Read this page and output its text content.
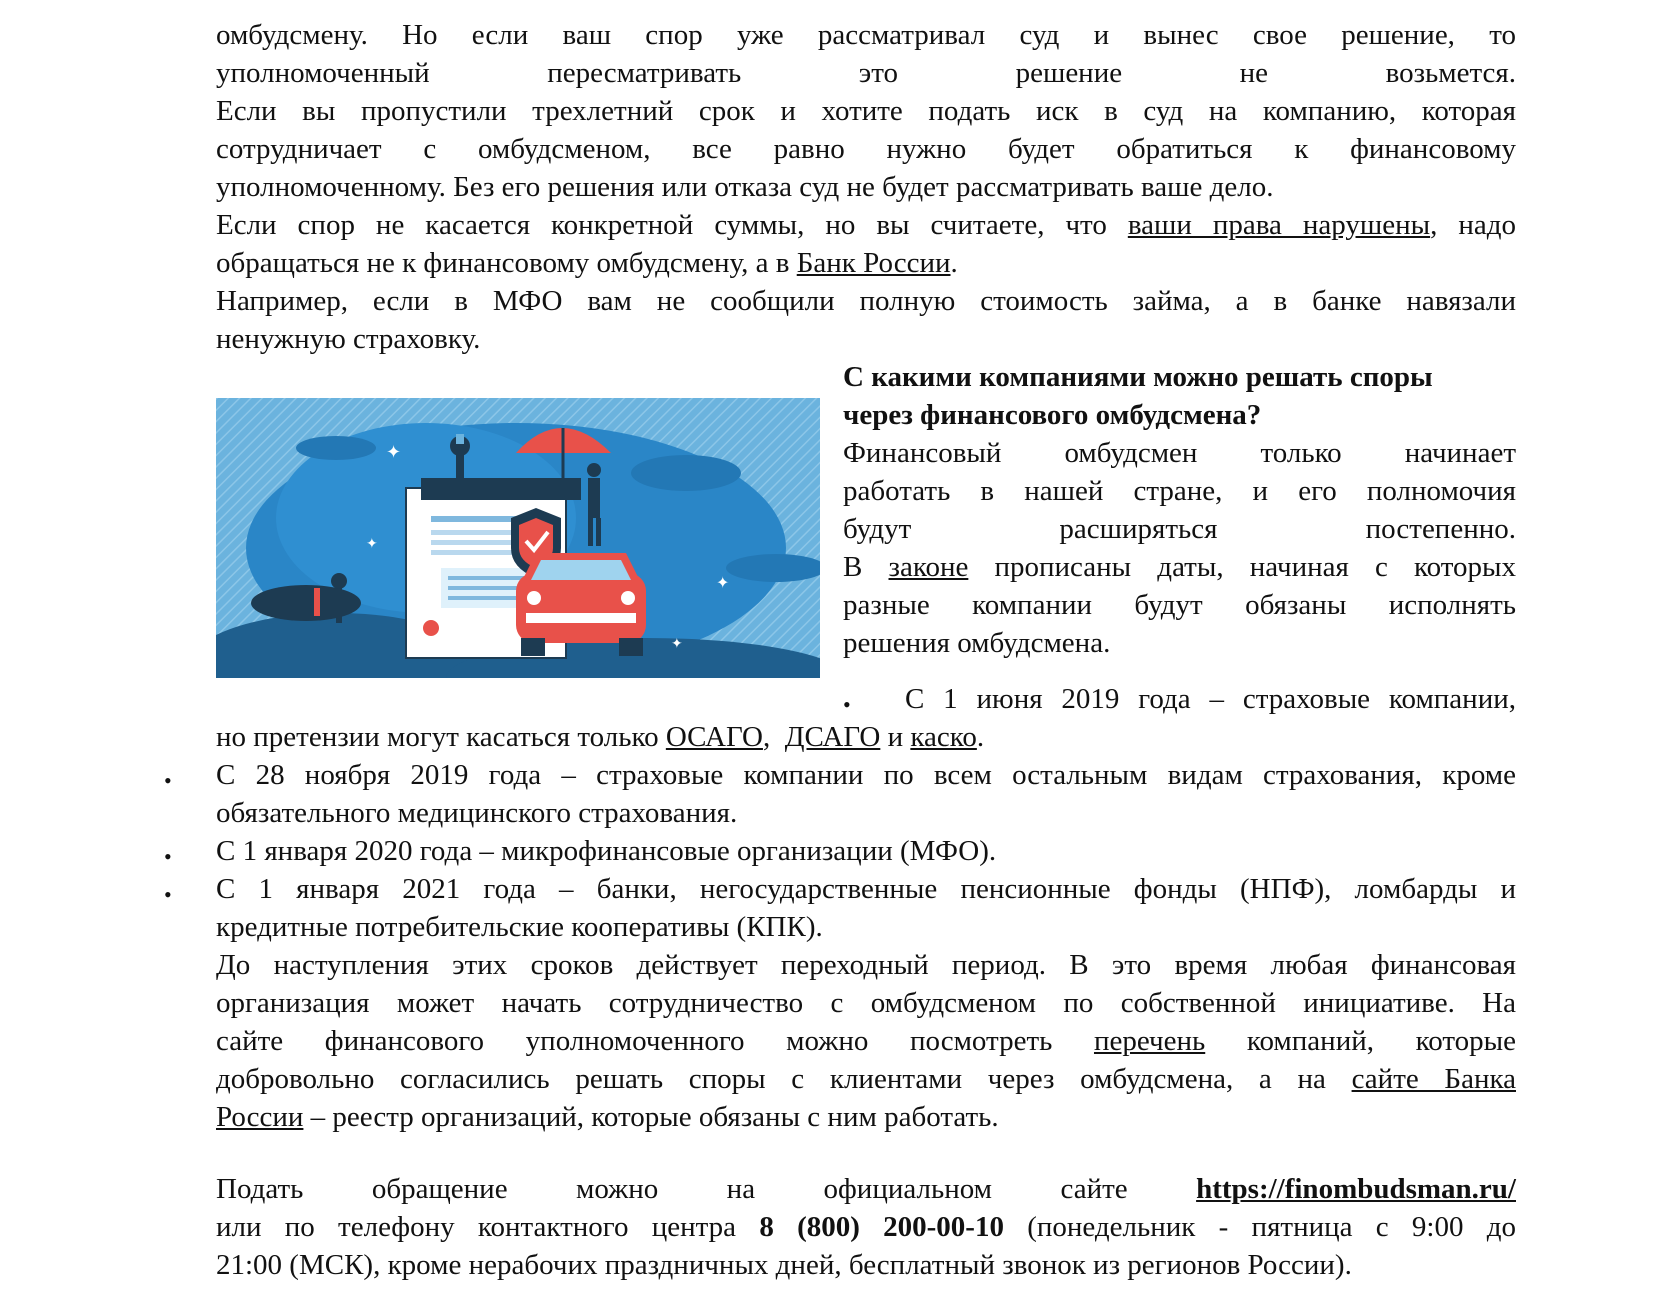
омбудсмену. Но если ваш спор уже рассматривал суд и вынес свое решение, то
уполномоченный пересматривать это решение не возьмется.
Если вы пропустили трехлетний срок и хотите подать иск в суд на компанию, которая
сотрудничает с омбудсменом, все равно нужно будет обратиться к финансовому
уполномоченному. Без его решения или отказа суд не будет рассматривать ваше дело.
Если спор не касается конкретной суммы, но вы считаете, что ваши права нарушены, надо
обращаться не к финансовому омбудсмену, а в Банк России.
Например, если в МФО вам не сообщили полную стоимость займа, а в банке навязали
ненужную страховку.
✦
✦
✦
✦
С какими компаниями можно решать споры
через финансового омбудсмена?
Финансовый омбудсмен только начинает
работать в нашей стране, и его полномочия
будут расширяться постепенно.
В законе прописаны даты, начиная с которых
разные компании будут обязаны исполнять
решения омбудсмена.
• С 1 июня 2019 года – страховые компании,
но претензии могут касаться только ОСАГО,  ДСАГО и каско.
• С 28 ноября 2019 года – страховые компании по всем остальным видам страхования, кроме
обязательного медицинского страхования.
• С 1 января 2020 года – микрофинансовые организации (МФО).
• С 1 января 2021 года – банки, негосударственные пенсионные фонды (НПФ), ломбарды и
кредитные потребительские кооперативы (КПК).
До наступления этих сроков действует переходный период. В это время любая финансовая
организация может начать сотрудничество с омбудсменом по собственной инициативе. На
сайте финансового уполномоченного можно посмотреть перечень компаний, которые
добровольно согласились решать споры с клиентами через омбудсмена, а на сайте Банка
России – реестр организаций, которые обязаны с ним работать.
Подать обращение можно на официальном сайте https://finombudsman.ru/
или по телефону контактного центра 8 (800) 200-00-10 (понедельник - пятница с 9:00 до
21:00 (МСК), кроме нерабочих праздничных дней, бесплатный звонок из регионов России).
